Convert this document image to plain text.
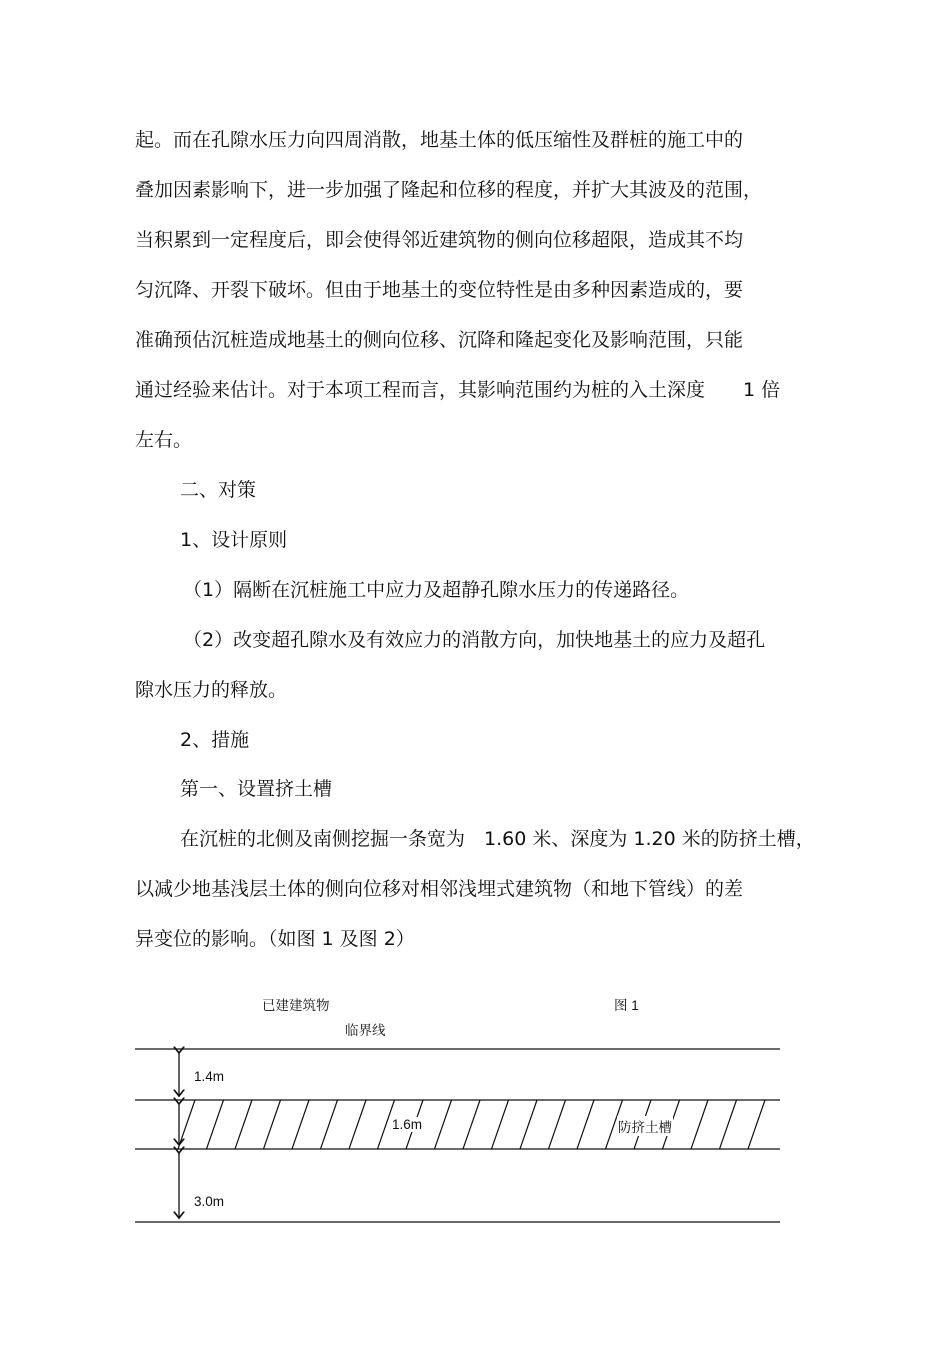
起。而在孔隙水压力向四周消散，地基土体的低压缩性及群桩的施工中的
叠加因素影响下，进一步加强了隆起和位移的程度，并扩大其波及的范围，
当积累到一定程度后，即会使得邻近建筑物的侧向位移超限，造成其不均
匀沉降、开裂下破坏。但由于地基土的变位特性是由多种因素造成的，要
准确预估沉桩造成地基土的侧向位移、沉降和隆起变化及影响范围，只能
通过经验来估计。对于本项工程而言，其影响范围约为桩的入土深度　　1 倍
左右。
二、对策
1、设计原则
（1）隔断在沉桩施工中应力及超静孔隙水压力的传递路径。
（2）改变超孔隙水及有效应力的消散方向，加快地基土的应力及超孔
隙水压力的释放。
2、措施
第一、设置挤土槽
在沉桩的北侧及南侧挖掘一条宽为　1.60 米、深度为 1.20 米的防挤土槽，
以减少地基浅层土体的侧向位移对相邻浅埋式建筑物（和地下管线）的差
异变位的影响。（如图 1 及图 2）
已建建筑物	图 1
临界线
1.4m
1.6m	防挤土槽
3.0m
